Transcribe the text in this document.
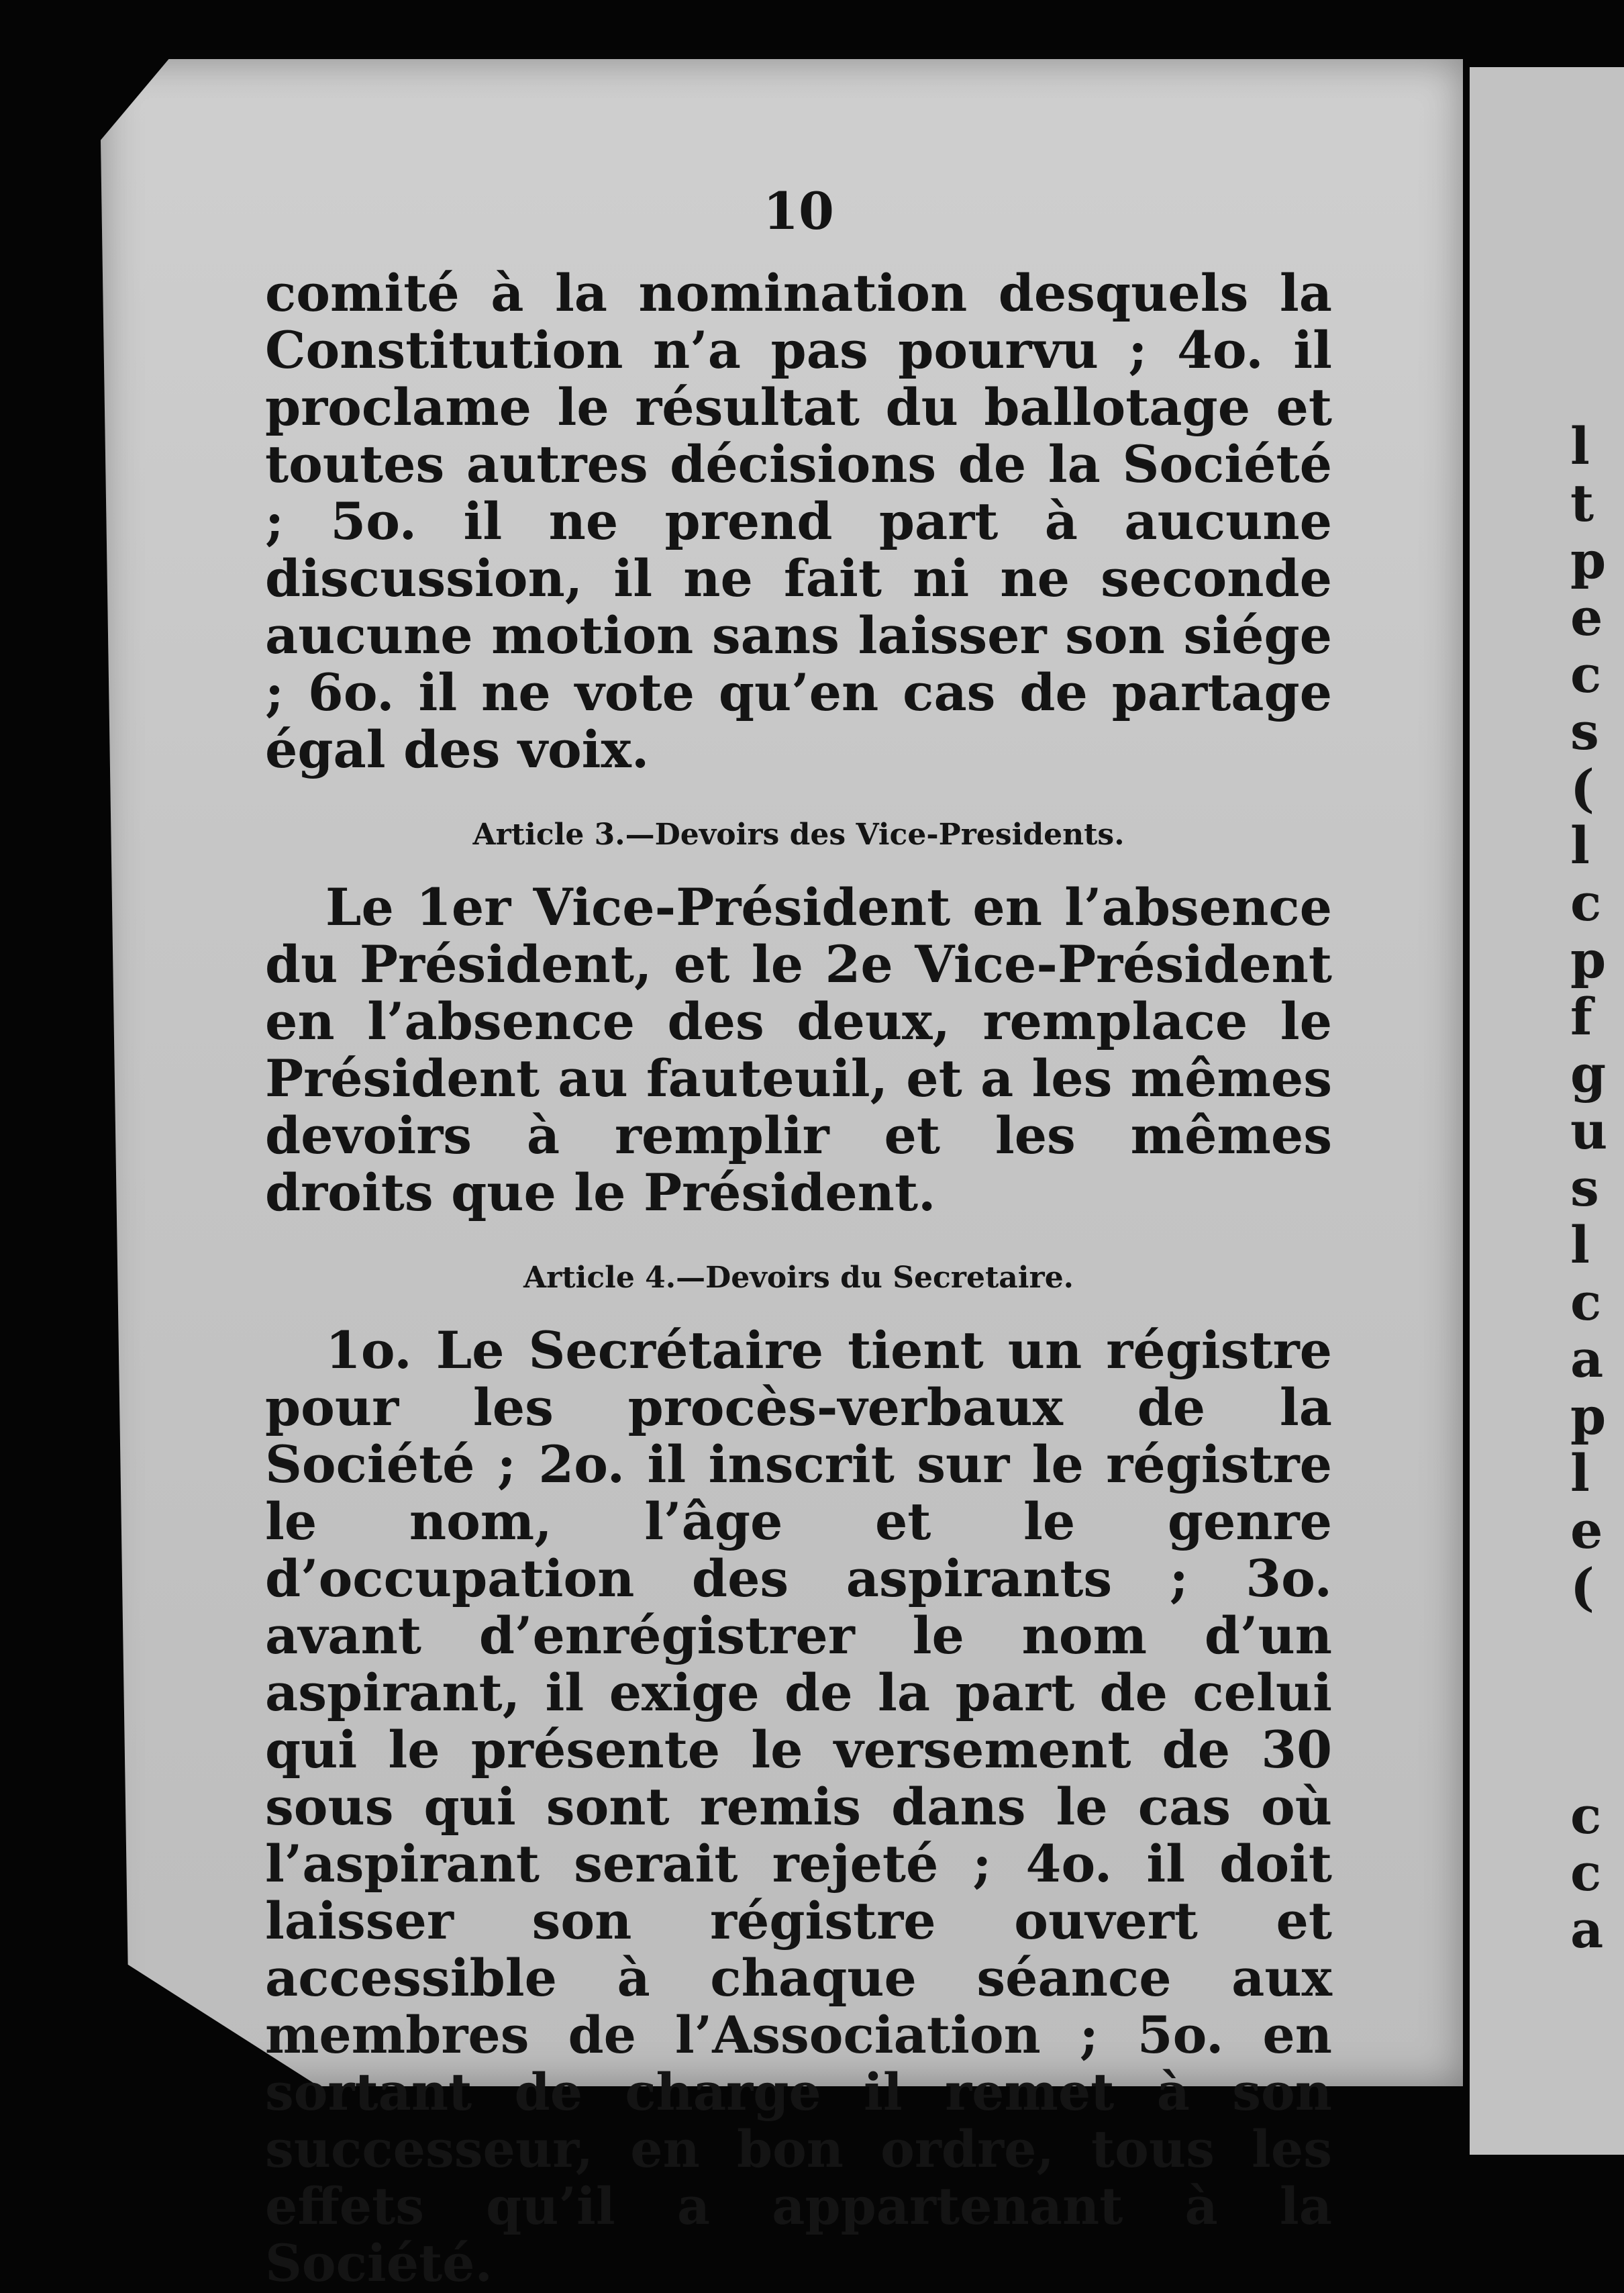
l
t
p
e
c
s
(
l
c
p
f
g
u
s
l
c
a
p
l
e
(
c
c
a
10

comité à la nomination desquels la Constitution n’a pas pourvu ; 4o. il proclame le résultat du ballotage et toutes autres décisions de la Société ; 5o. il ne prend part à aucune discussion, il ne fait ni ne seconde aucune motion sans laisser son siége ; 6o. il ne vote qu’en cas de partage égal des voix.

Article 3.—Devoirs des Vice-Presidents.

Le 1er Vice-Président en l’absence du Président, et le 2e Vice-Président en l’absence des deux, remplace le Président au fauteuil, et a les mêmes devoirs à remplir et les mêmes droits que le Président.

Article 4.—Devoirs du Secretaire.

1o. Le Secrétaire tient un régistre pour les procès-verbaux de la Société ; 2o. il inscrit sur le régistre le nom, l’âge et le genre d’occupation des aspirants ; 3o. avant d’enrégistrer le nom d’un aspirant, il exige de la part de celui qui le présente le versement de 30 sous qui sont remis dans le cas où l’aspirant serait rejeté ; 4o. il doit laisser son régistre ouvert et accessible à chaque séance aux membres de l’Association ; 5o. en sortant de charge il remet à son successeur, en bon ordre, tous les effets qu’il a appartenant à la Société.
